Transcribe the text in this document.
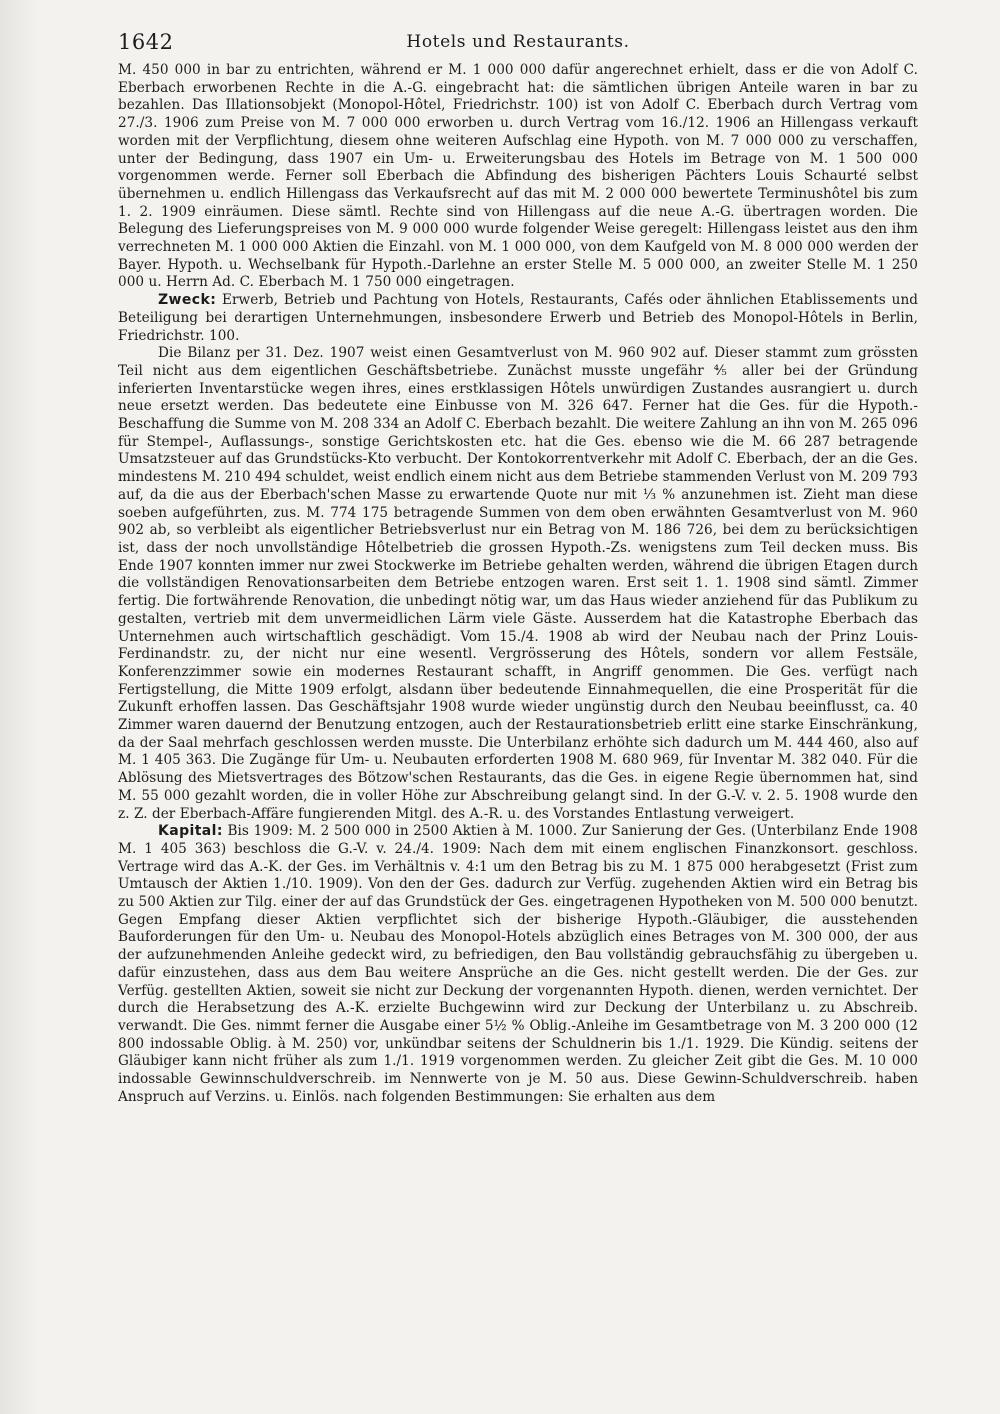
1642	Hotels und Restaurants.

M. 450 000 in bar zu entrichten, während er M. 1 000 000 dafür angerechnet erhielt, dass er die von Adolf C. Eberbach erworbenen Rechte in die A.-G. eingebracht hat: die sämtlichen übrigen Anteile waren in bar zu bezahlen. Das Illationsobjekt (Monopol-Hôtel, Friedrichstr. 100) ist von Adolf C. Eberbach durch Vertrag vom 27./3. 1906 zum Preise von M. 7 000 000 erworben u. durch Vertrag vom 16./12. 1906 an Hillengass verkauft worden mit der Verpflichtung, diesem ohne weiteren Aufschlag eine Hypoth. von M. 7 000 000 zu verschaffen, unter der Bedingung, dass 1907 ein Um- u. Erweiterungsbau des Hotels im Betrage von M. 1 500 000 vorgenommen werde. Ferner soll Eberbach die Abfindung des bisherigen Pächters Louis Schaurté selbst übernehmen u. endlich Hillengass das Verkaufsrecht auf das mit M. 2 000 000 bewertete Terminushôtel bis zum 1. 2. 1909 einräumen. Diese sämtl. Rechte sind von Hillengass auf die neue A.-G. übertragen worden. Die Belegung des Lieferungspreises von M. 9 000 000 wurde folgender Weise geregelt: Hillengass leistet aus den ihm verrechneten M. 1 000 000 Aktien die Einzahl. von M. 1 000 000, von dem Kaufgeld von M. 8 000 000 werden der Bayer. Hypoth. u. Wechselbank für Hypoth.-Darlehne an erster Stelle M. 5 000 000, an zweiter Stelle M. 1 250 000 u. Herrn Ad. C. Eberbach M. 1 750 000 eingetragen.

Zweck: Erwerb, Betrieb und Pachtung von Hotels, Restaurants, Cafés oder ähnlichen Etablissements und Beteiligung bei derartigen Unternehmungen, insbesondere Erwerb und Betrieb des Monopol-Hôtels in Berlin, Friedrichstr. 100.

Die Bilanz per 31. Dez. 1907 weist einen Gesamtverlust von M. 960 902 auf. Dieser stammt zum grössten Teil nicht aus dem eigentlichen Geschäftsbetriebe. Zunächst musste ungefähr ⅘ aller bei der Gründung inferierten Inventarstücke wegen ihres, eines erstklassigen Hôtels unwürdigen Zustandes ausrangiert u. durch neue ersetzt werden. Das bedeutete eine Einbusse von M. 326 647. Ferner hat die Ges. für die Hypoth.-Beschaffung die Summe von M. 208 334 an Adolf C. Eberbach bezahlt. Die weitere Zahlung an ihn von M. 265 096 für Stempel-, Auflassungs-, sonstige Gerichtskosten etc. hat die Ges. ebenso wie die M. 66 287 betragende Umsatzsteuer auf das Grundstücks-Kto verbucht. Der Kontokorrentverkehr mit Adolf C. Eberbach, der an die Ges. mindestens M. 210 494 schuldet, weist endlich einem nicht aus dem Betriebe stammenden Verlust von M. 209 793 auf, da die aus der Eberbach'schen Masse zu erwartende Quote nur mit ⅓ % anzunehmen ist. Zieht man diese soeben aufgeführten, zus. M. 774 175 betragende Summen von dem oben erwähnten Gesamtverlust von M. 960 902 ab, so verbleibt als eigentlicher Betriebsverlust nur ein Betrag von M. 186 726, bei dem zu berücksichtigen ist, dass der noch unvollständige Hôtelbetrieb die grossen Hypoth.-Zs. wenigstens zum Teil decken muss. Bis Ende 1907 konnten immer nur zwei Stockwerke im Betriebe gehalten werden, während die übrigen Etagen durch die vollständigen Renovationsarbeiten dem Betriebe entzogen waren. Erst seit 1. 1. 1908 sind sämtl. Zimmer fertig. Die fortwährende Renovation, die unbedingt nötig war, um das Haus wieder anziehend für das Publikum zu gestalten, vertrieb mit dem unvermeidlichen Lärm viele Gäste. Ausserdem hat die Katastrophe Eberbach das Unternehmen auch wirtschaftlich geschädigt. Vom 15./4. 1908 ab wird der Neubau nach der Prinz Louis-Ferdinandstr. zu, der nicht nur eine wesentl. Vergrösserung des Hôtels, sondern vor allem Festsäle, Konferenzzimmer sowie ein modernes Restaurant schafft, in Angriff genommen. Die Ges. verfügt nach Fertigstellung, die Mitte 1909 erfolgt, alsdann über bedeutende Einnahmequellen, die eine Prosperität für die Zukunft erhoffen lassen. Das Geschäftsjahr 1908 wurde wieder ungünstig durch den Neubau beeinflusst, ca. 40 Zimmer waren dauernd der Benutzung entzogen, auch der Restaurationsbetrieb erlitt eine starke Einschränkung, da der Saal mehrfach geschlossen werden musste. Die Unterbilanz erhöhte sich dadurch um M. 444 460, also auf M. 1 405 363. Die Zugänge für Um- u. Neubauten erforderten 1908 M. 680 969, für Inventar M. 382 040. Für die Ablösung des Mietsvertrages des Bötzow'schen Restaurants, das die Ges. in eigene Regie übernommen hat, sind M. 55 000 gezahlt worden, die in voller Höhe zur Abschreibung gelangt sind. In der G.-V. v. 2. 5. 1908 wurde den z. Z. der Eberbach-Affäre fungierenden Mitgl. des A.-R. u. des Vorstandes Entlastung verweigert.

Kapital: Bis 1909: M. 2 500 000 in 2500 Aktien à M. 1000. Zur Sanierung der Ges. (Unterbilanz Ende 1908 M. 1 405 363) beschloss die G.-V. v. 24./4. 1909: Nach dem mit einem englischen Finanzkonsort. geschloss. Vertrage wird das A.-K. der Ges. im Verhältnis v. 4:1 um den Betrag bis zu M. 1 875 000 herabgesetzt (Frist zum Umtausch der Aktien 1./10. 1909). Von den der Ges. dadurch zur Verfüg. zugehenden Aktien wird ein Betrag bis zu 500 Aktien zur Tilg. einer der auf das Grundstück der Ges. eingetragenen Hypotheken von M. 500 000 benutzt. Gegen Empfang dieser Aktien verpflichtet sich der bisherige Hypoth.-Gläubiger, die ausstehenden Bauforderungen für den Um- u. Neubau des Monopol-Hotels abzüglich eines Betrages von M. 300 000, der aus der aufzunehmenden Anleihe gedeckt wird, zu befriedigen, den Bau vollständig gebrauchsfähig zu übergeben u. dafür einzustehen, dass aus dem Bau weitere Ansprüche an die Ges. nicht gestellt werden. Die der Ges. zur Verfüg. gestellten Aktien, soweit sie nicht zur Deckung der vorgenannten Hypoth. dienen, werden vernichtet. Der durch die Herabsetzung des A.-K. erzielte Buchgewinn wird zur Deckung der Unterbilanz u. zu Abschreib. verwandt. Die Ges. nimmt ferner die Ausgabe einer 5½ % Oblig.-Anleihe im Gesamtbetrage von M. 3 200 000 (12 800 indossable Oblig. à M. 250) vor, unkündbar seitens der Schuldnerin bis 1./1. 1929. Die Kündig. seitens der Gläubiger kann nicht früher als zum 1./1. 1919 vorgenommen werden. Zu gleicher Zeit gibt die Ges. M. 10 000 indossable Gewinnschuldverschreib. im Nennwerte von je M. 50 aus. Diese Gewinn-Schuldverschreib. haben Anspruch auf Verzins. u. Einlös. nach folgenden Bestimmungen: Sie erhalten aus dem
